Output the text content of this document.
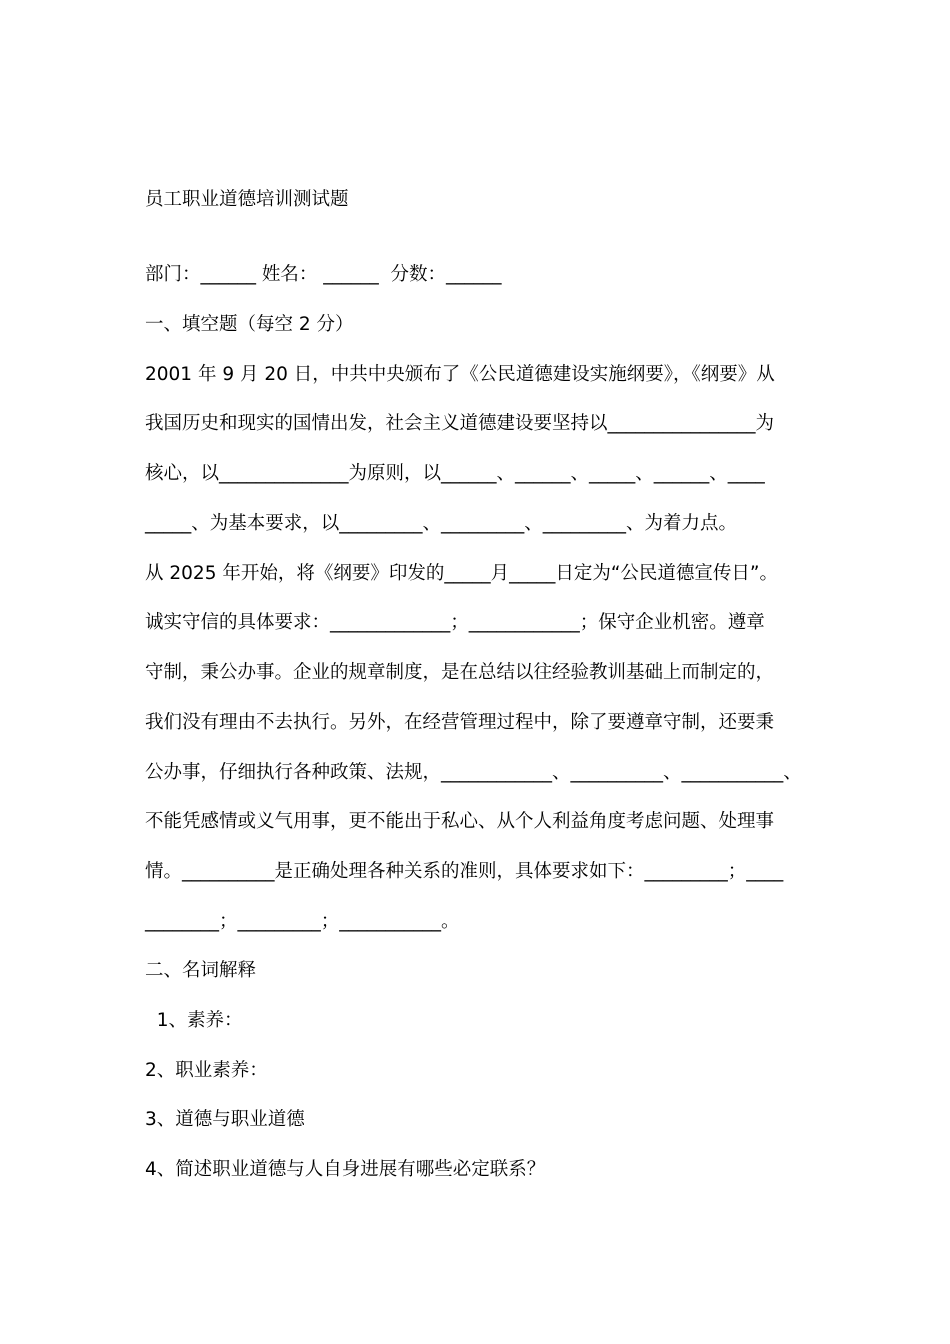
员工职业道德培训测试题
部门：______ 姓名： ______  分数：______
一、填空题（每空 2 分）
2001 年 9 月 20 日，中共中央颁布了《公民道德建设实施纲要》，《纲要》从
我国历史和现实的国情出发，社会主义道德建设要坚持以________________为
核心，以______________为原则，以______、______、_____、______、____
_____、为基本要求，以_________、_________、_________、为着力点。
从 2025 年开始，将《纲要》印发的_____月_____日定为“公民道德宣传日”。
诚实守信的具体要求：_____________；____________；保守企业机密。遵章
守制，秉公办事。企业的规章制度，是在总结以往经验教训基础上而制定的，
我们没有理由不去执行。另外，在经营管理过程中，除了要遵章守制，还要秉
公办事，仔细执行各种政策、法规，____________、__________、___________、
不能凭感情或义气用事，更不能出于私心、从个人利益角度考虑问题、处理事
情。__________是正确处理各种关系的准则，具体要求如下：_________；____
________；_________；___________。
二、名词解释
1、素养：
2、职业素养：
3、道德与职业道德
4、简述职业道德与人自身进展有哪些必定联系？
